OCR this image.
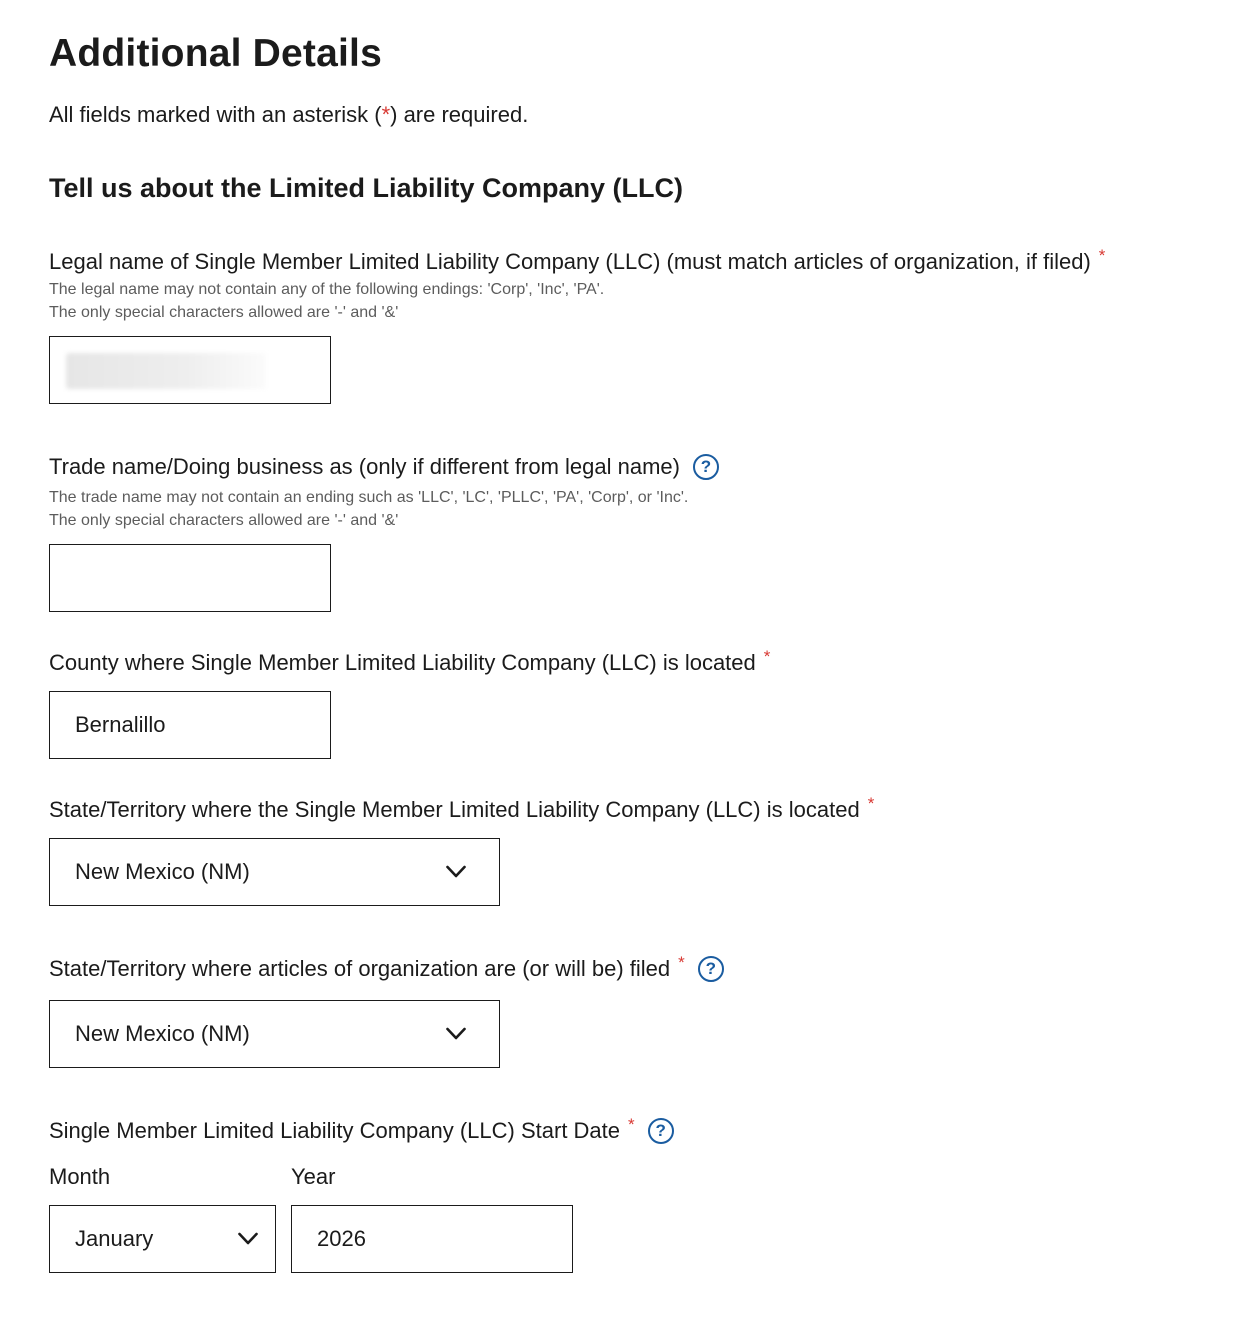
Additional Details

All fields marked with an asterisk (*) are required.

Tell us about the Limited Liability Company (LLC)
Legal name of Single Member Limited Liability Company (LLC) (must match articles of organization, if filed) *
The legal name may not contain any of the following endings: 'Corp', 'Inc', 'PA'.
The only special characters allowed are '-' and '&'
Trade name/Doing business as (only if different from legal name)	?
The trade name may not contain an ending such as 'LLC', 'LC', 'PLLC', 'PA', 'Corp', or 'Inc'.
The only special characters allowed are '-' and '&'
County where Single Member Limited Liability Company (LLC) is located *
Bernalillo
State/Territory where the Single Member Limited Liability Company (LLC) is located *
New Mexico (NM)
State/Territory where articles of organization are (or will be) filed *	?
New Mexico (NM)
Single Member Limited Liability Company (LLC) Start Date *	?
Month	Year
January	2026
